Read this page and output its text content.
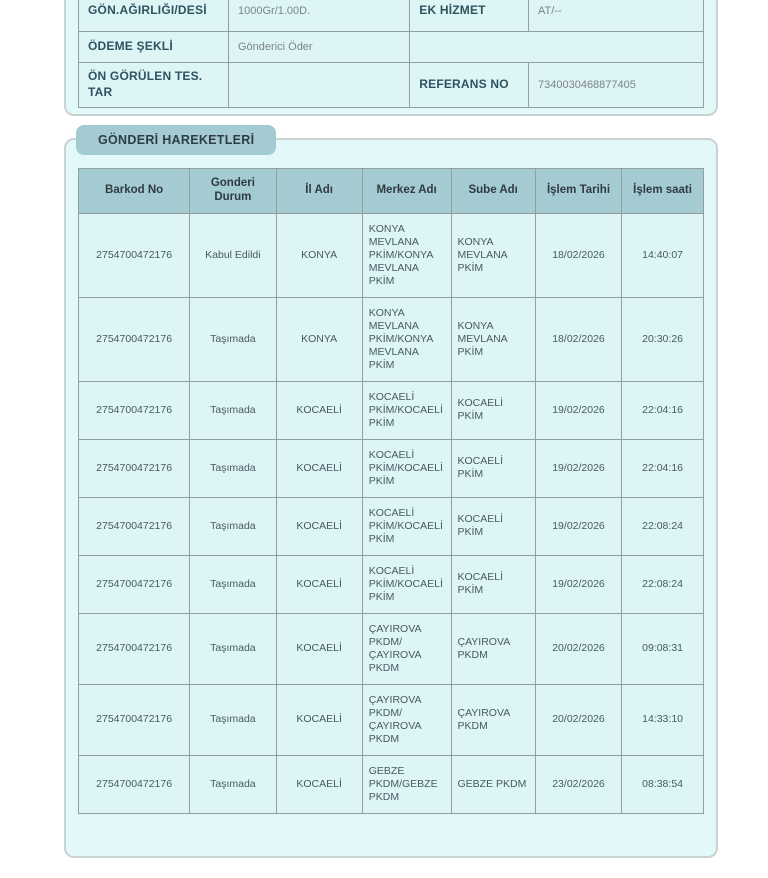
GÖN.AĞIRLIĞI/DESİ	1000Gr/1.00D.	EK HİZMET	AT/--
ÖDEME ŞEKLİ	Gönderici Öder		
ÖN GÖRÜLEN TES. TAR		REFERANS NO	7340030468877405
GÖNDERİ HAREKETLERİ
Barkod No	Gonderi Durum	İl Adı	Merkez Adı	Sube Adı	İşlem Tarihi	İşlem saati
2754700472176	Kabul Edildi	KONYA	KONYA MEVLANA PKİM/KONYA MEVLANA PKİM	KONYA MEVLANA PKİM	18/02/2026	14:40:07
2754700472176	Taşımada	KONYA	KONYA MEVLANA PKİM/KONYA MEVLANA PKİM	KONYA MEVLANA PKİM	18/02/2026	20:30:26
2754700472176	Taşımada	KOCAELİ	KOCAELİ PKİM/KOCAELİ PKİM	KOCAELİ PKİM	19/02/2026	22:04:16
2754700472176	Taşımada	KOCAELİ	KOCAELİ PKİM/KOCAELİ PKİM	KOCAELİ PKİM	19/02/2026	22:04:16
2754700472176	Taşımada	KOCAELİ	KOCAELİ PKİM/KOCAELİ PKİM	KOCAELİ PKİM	19/02/2026	22:08:24
2754700472176	Taşımada	KOCAELİ	KOCAELİ PKİM/KOCAELİ PKİM	KOCAELİ PKİM	19/02/2026	22:08:24
2754700472176	Taşımada	KOCAELİ	ÇAYIROVA PKDM/ ÇAYIROVA PKDM	ÇAYIROVA PKDM	20/02/2026	09:08:31
2754700472176	Taşımada	KOCAELİ	ÇAYIROVA PKDM/ ÇAYIROVA PKDM	ÇAYIROVA PKDM	20/02/2026	14:33:10
2754700472176	Taşımada	KOCAELİ	GEBZE PKDM/GEBZE PKDM	GEBZE PKDM	23/02/2026	08:38:54
